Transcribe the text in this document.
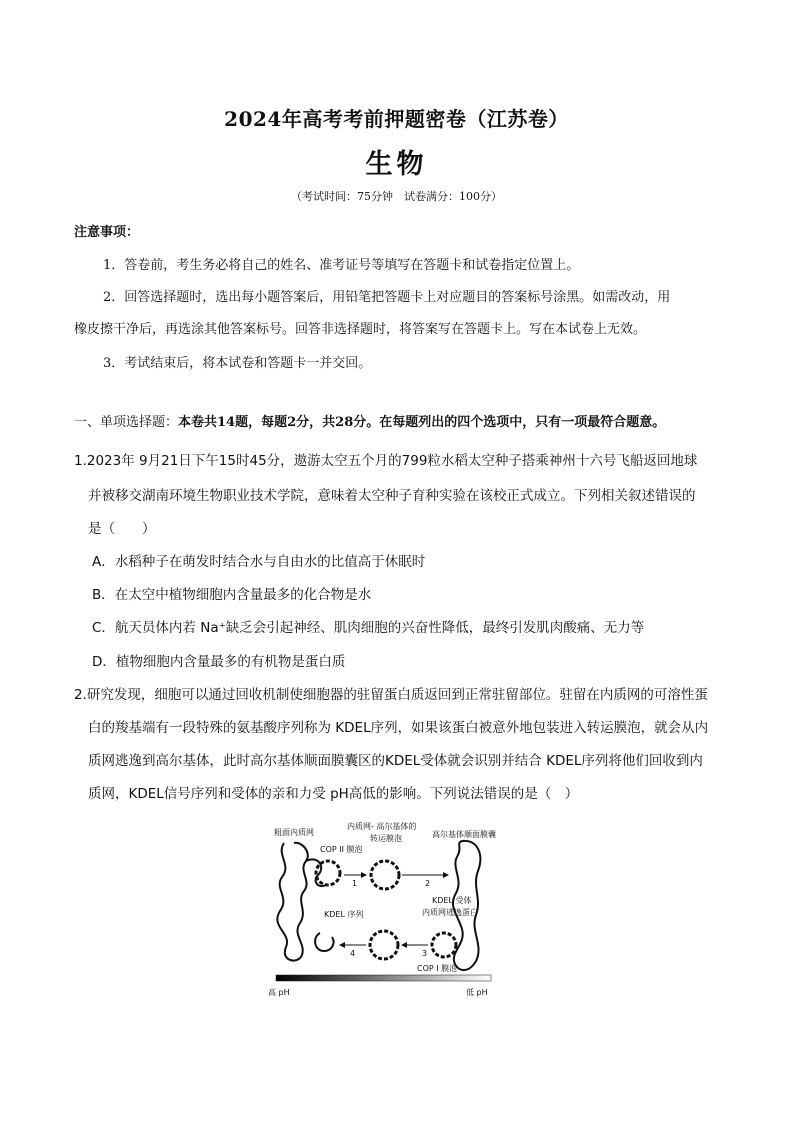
2024年高考考前押题密卷（江苏卷）
生物
（考试时间：75分钟　试卷满分：100分）
注意事项：
1．答卷前，考生务必将自己的姓名、准考证号等填写在答题卡和试卷指定位置上。
2．回答选择题时，选出每小题答案后，用铅笔把答题卡上对应题目的答案标号涂黑。如需改动，用
橡皮擦干净后，再选涂其他答案标号。回答非选择题时，将答案写在答题卡上。写在本试卷上无效。
3．考试结束后，将本试卷和答题卡一并交回。
一、单项选择题：本卷共14题，每题2分，共28分。在每题列出的四个选项中，只有一项最符合题意。
1.2023年 9月21日下午15时45分，遨游太空五个月的799粒水稻太空种子搭乘神州十六号飞船返回地球
并被移交湖南环境生物职业技术学院，意味着太空种子育种实验在该校正式成立。下列相关叙述错误的
是（　　）
A．水稻种子在萌发时结合水与自由水的比值高于休眠时
B．在太空中植物细胞内含量最多的化合物是水
C．航天员体内若 Na⁺缺乏会引起神经、肌肉细胞的兴奋性降低，最终引发肌肉酸痛、无力等
D．植物细胞内含量最多的有机物是蛋白质
2.研究发现，细胞可以通过回收机制使细胞器的驻留蛋白质返回到正常驻留部位。驻留在内质网的可溶性蛋
白的羧基端有一段特殊的氨基酸序列称为 KDEL序列，如果该蛋白被意外地包装进入转运膜泡，就会从内
质网逃逸到高尔基体，此时高尔基体顺面膜囊区的KDEL受体就会识别并结合 KDEL序列将他们回收到内
质网，KDEL信号序列和受体的亲和力受 pH高低的影响。下列说法错误的是（　）
粗面内质网
COP II 膜泡
内质网- 高尔基体的
转运膜泡	高尔基体顺面膜囊
KDEL 受体
内质网逃逸蛋白
KDEL 序列
COP I 膜泡
1	2
3
4
高 pH	低 pH
